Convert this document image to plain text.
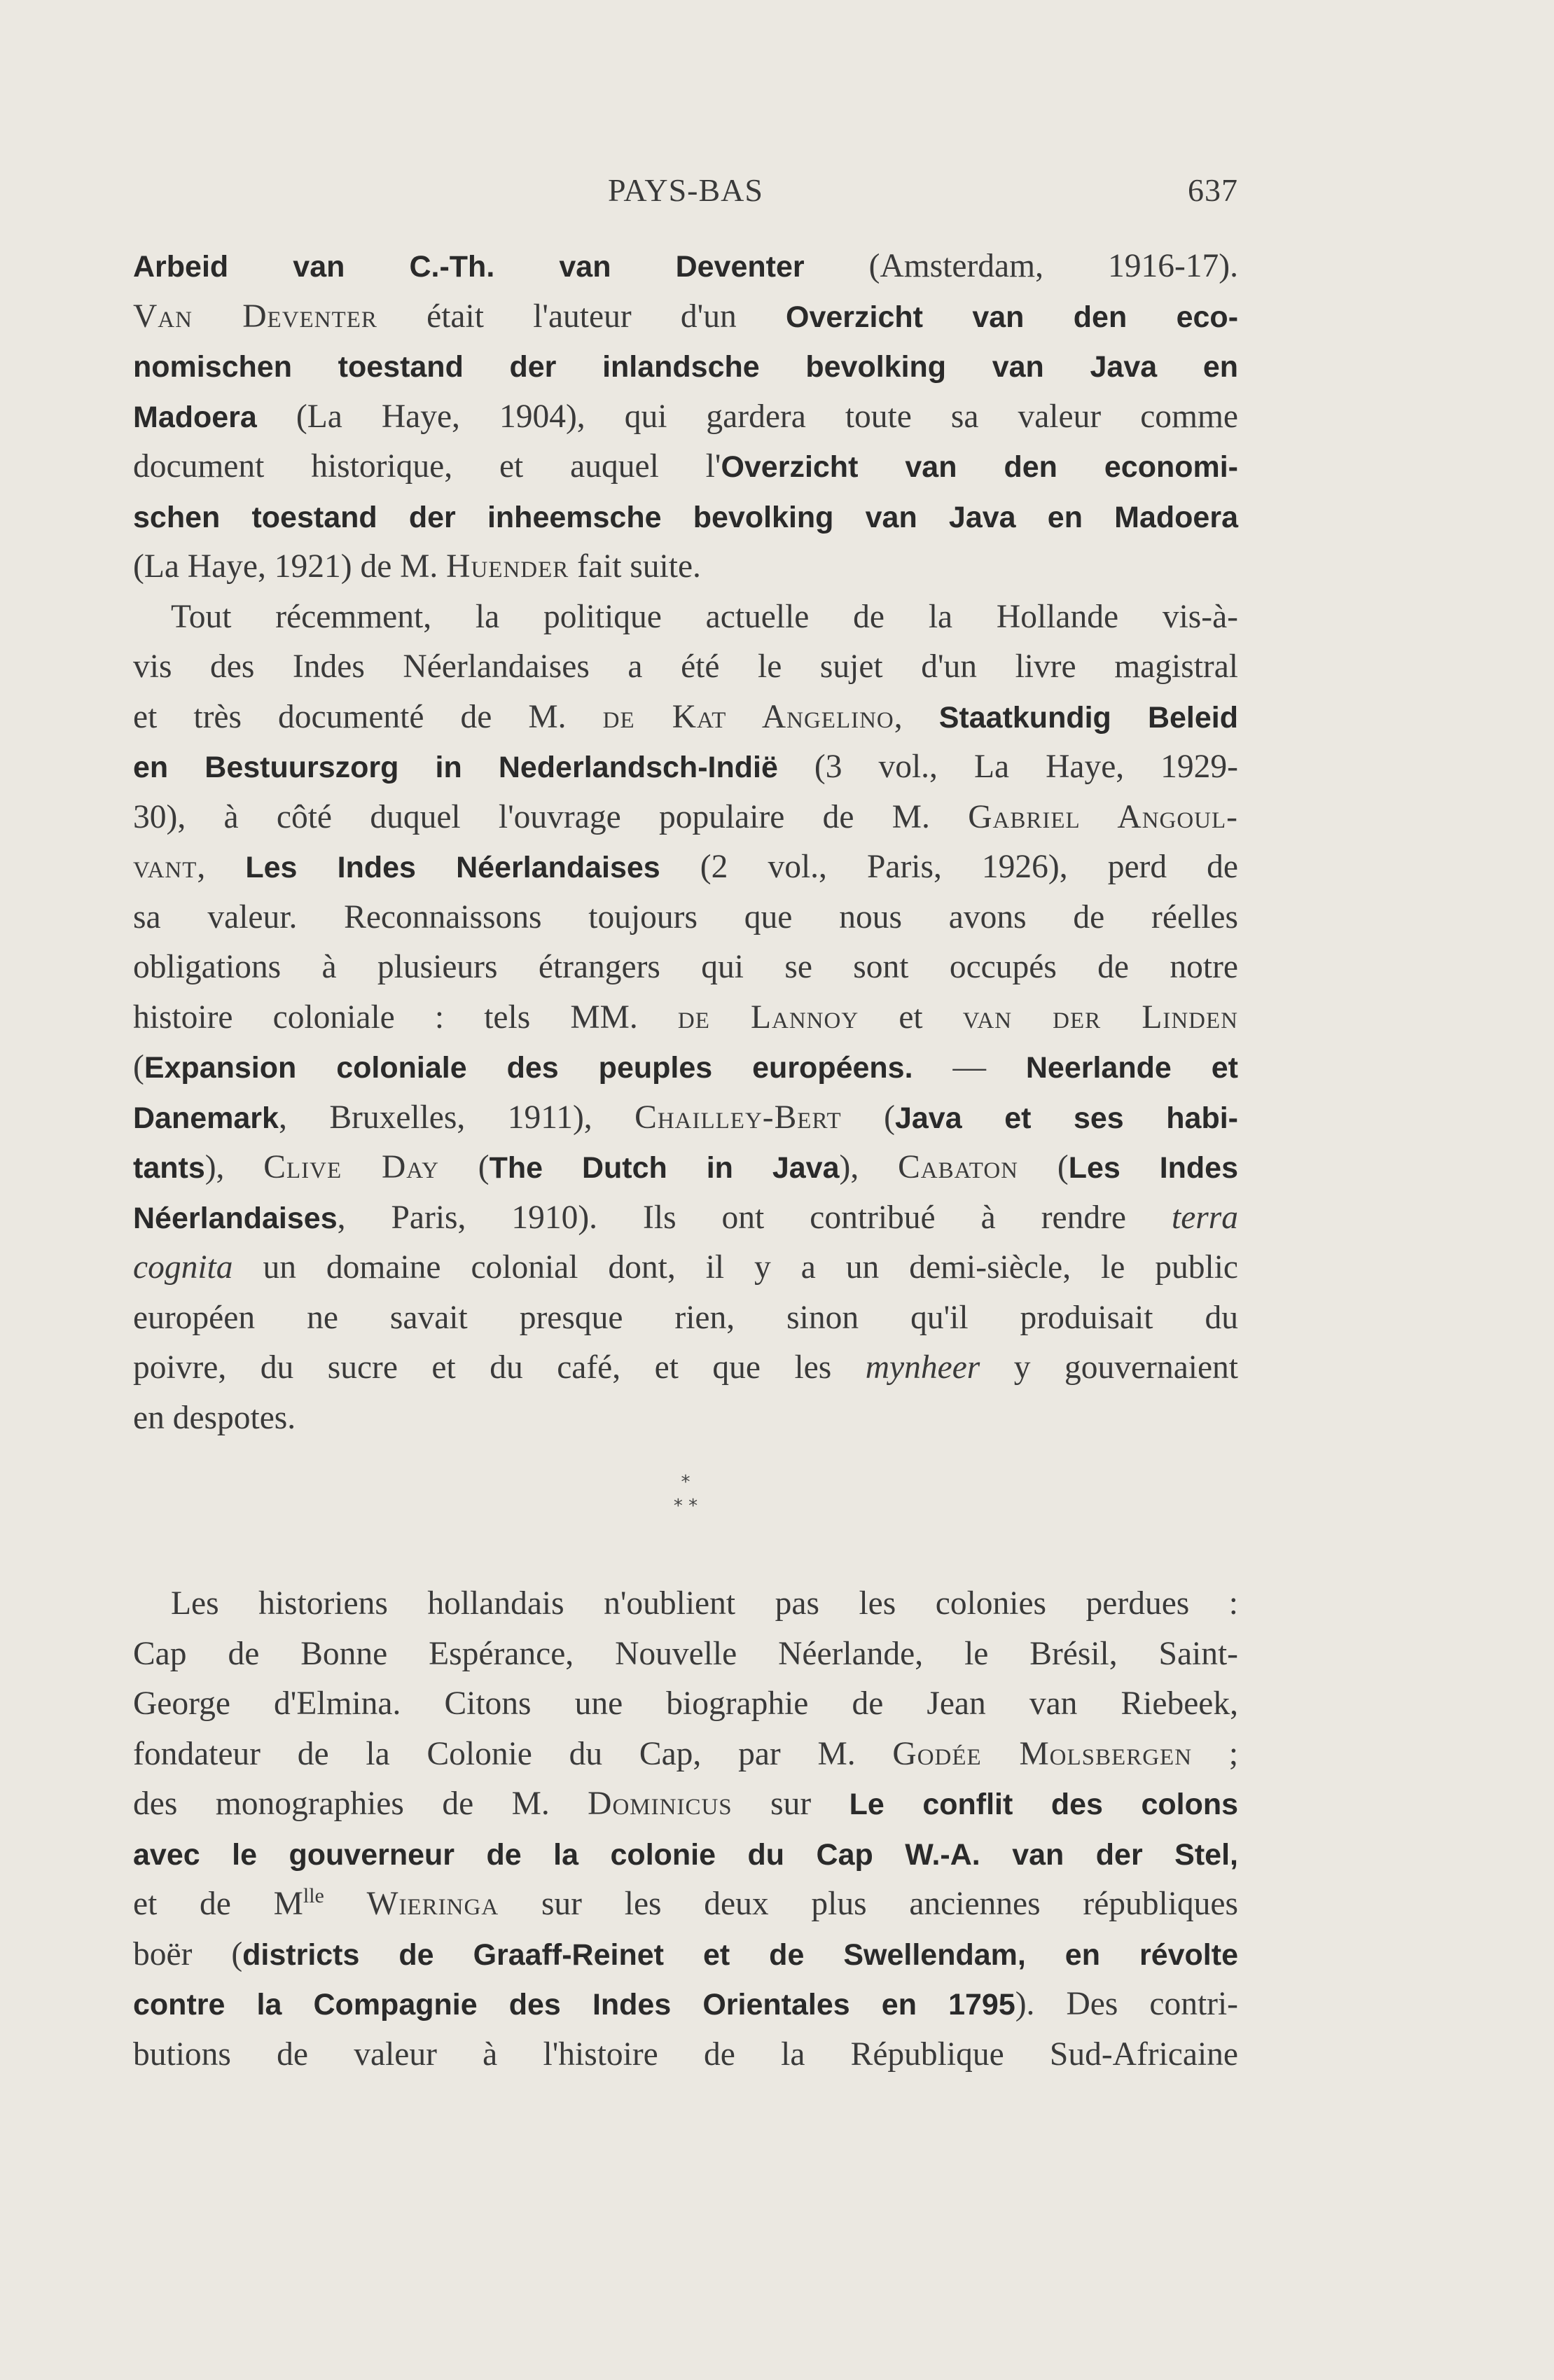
PAYS-BAS	637
Arbeid van C.-Th. van Deventer (Amsterdam, 1916-17).
Van Deventer était l'auteur d'un Overzicht van den eco-
nomischen toestand der inlandsche bevolking van Java en
Madoera (La Haye, 1904), qui gardera toute sa valeur comme
document historique, et auquel l'Overzicht van den economi-
schen toestand der inheemsche bevolking van Java en Madoera
(La Haye, 1921) de M. Huender fait suite.
Tout récemment, la politique actuelle de la Hollande vis-à-
vis des Indes Néerlandaises a été le sujet d'un livre magistral
et très documenté de M. de Kat Angelino, Staatkundig Beleid
en Bestuurszorg in Nederlandsch-Indië (3 vol., La Haye, 1929-
30), à côté duquel l'ouvrage populaire de M. Gabriel Angoul-
vant, Les Indes Néerlandaises (2 vol., Paris, 1926), perd de
sa valeur. Reconnaissons toujours que nous avons de réelles
obligations à plusieurs étrangers qui se sont occupés de notre
histoire coloniale : tels MM. de Lannoy et van der Linden
(Expansion coloniale des peuples européens. — Neerlande et
Danemark, Bruxelles, 1911), Chailley-Bert (Java et ses habi-
tants), Clive Day (The Dutch in Java), Cabaton (Les Indes
Néerlandaises, Paris, 1910). Ils ont contribué à rendre terra
cognita un domaine colonial dont, il y a un demi-siècle, le public
européen ne savait presque rien, sinon qu'il produisait du
poivre, du sucre et du café, et que les mynheer y gouvernaient
en despotes.
*
* *
Les historiens hollandais n'oublient pas les colonies perdues :
Cap de Bonne Espérance, Nouvelle Néerlande, le Brésil, Saint-
George d'Elmina. Citons une biographie de Jean van Riebeek,
fondateur de la Colonie du Cap, par M. Godée Molsbergen ;
des monographies de M. Dominicus sur Le conflit des colons
avec le gouverneur de la colonie du Cap W.-A. van der Stel,
et de $M^{lle}$ Wieringa sur les deux plus anciennes républiques
boër (districts de Graaff-Reinet et de Swellendam, en révolte
contre la Compagnie des Indes Orientales en 1795). Des contri-
butions de valeur à l'histoire de la République Sud-Africaine
